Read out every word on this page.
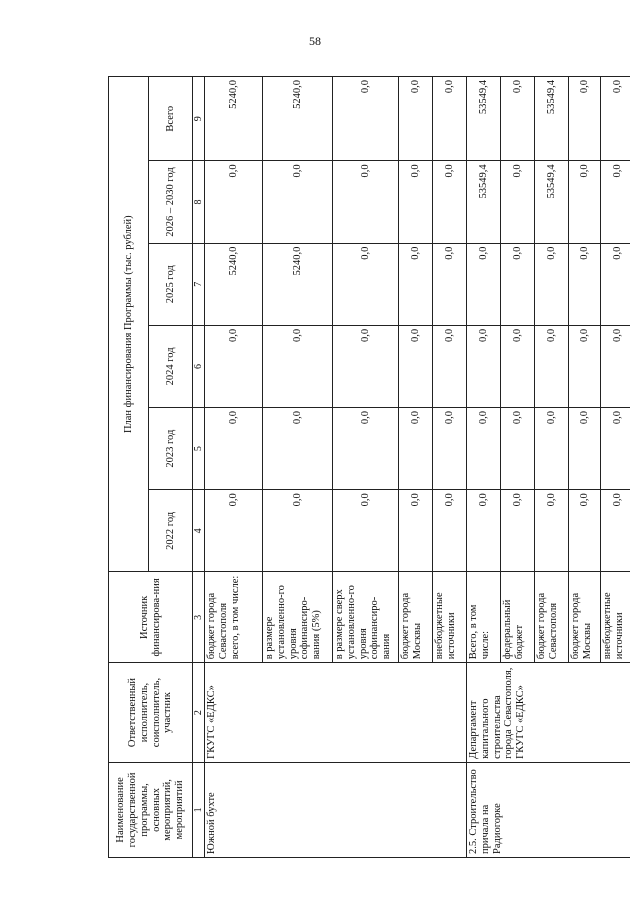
58
Наименование государственной программы, основных мероприятий, мероприятий	Ответственный исполнитель, соисполнитель, участник	Источник финансирова-ния	План финансирования Программы (тыс. рублей)					
			2022 год	2023 год	2024 год	2025 год	2026 – 2030 год	Всего
1	2	3	4	5	6	7	8	9
Южной бухте	ГКУГС «ЕДКС»	бюджет города Севастополя всего, в том числе:	0,0	0,0	0,0	5240,0	0,0	5240,0
		в размере установленно-го уровня софинансиро-вания (5%)	0,0	0,0	0,0	5240,0	0,0	5240,0
		в размере сверх установленно-го уровня софинансиро-вания	0,0	0,0	0,0	0,0	0,0	0,0
		бюджет города Москвы	0,0	0,0	0,0	0,0	0,0	0,0
		внебюджетные источники	0,0	0,0	0,0	0,0	0,0	0,0
2.5. Строительство причала на Радиогорке	Департамент капитального строительства города Севастополя, ГКУГС «ЕДКС»	Всего, в том числе:	0,0	0,0	0,0	0,0	53549,4	53549,4
		федеральный бюджет	0,0	0,0	0,0	0,0	0,0	0,0
		бюджет города Севастополя	0,0	0,0	0,0	0,0	53549,4	53549,4
		бюджет города Москвы	0,0	0,0	0,0	0,0	0,0	0,0
		внебюджетные источники	0,0	0,0	0,0	0,0	0,0	0,0
